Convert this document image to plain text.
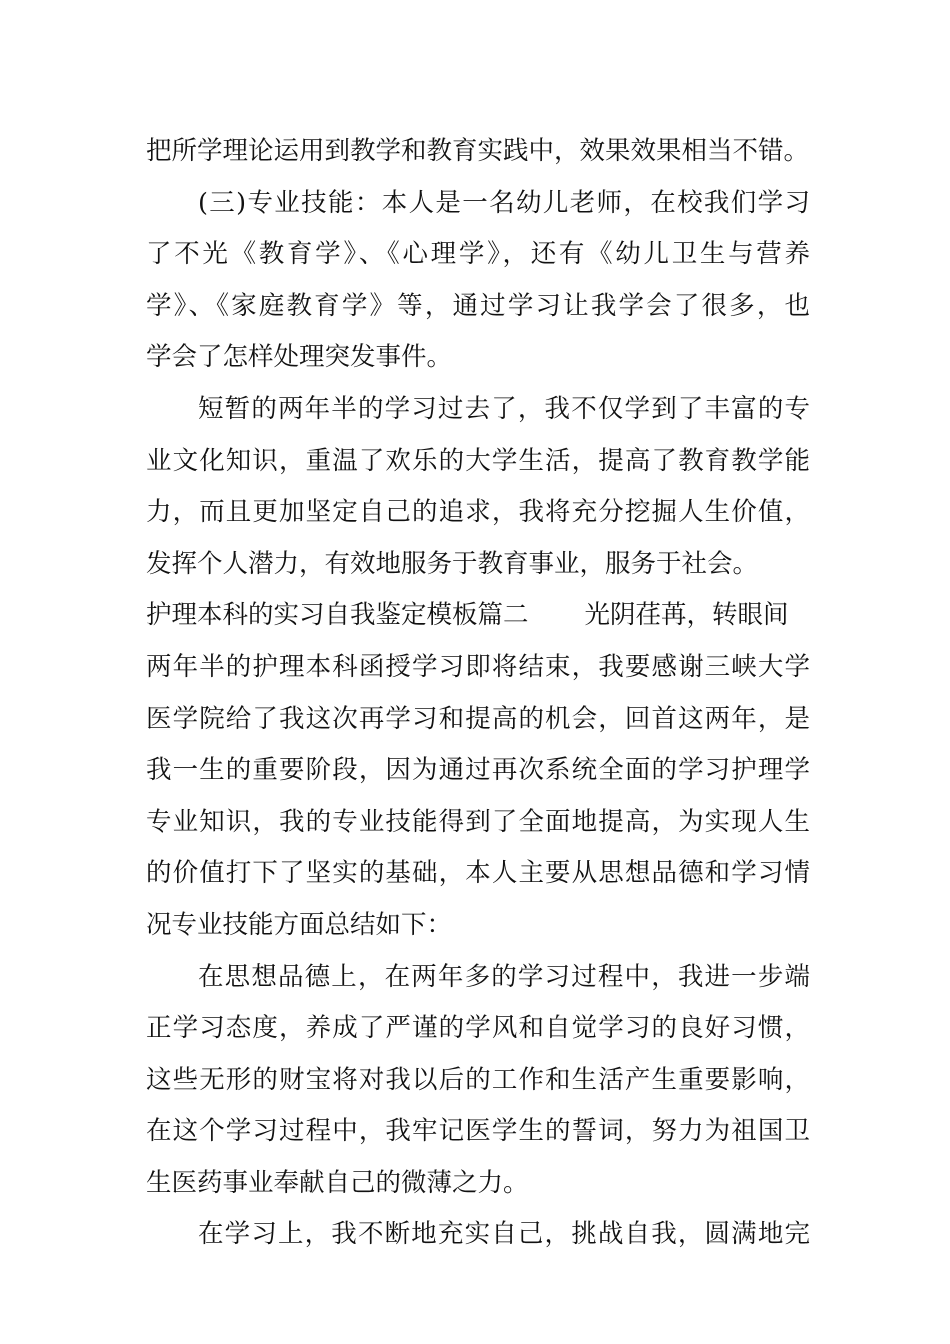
把所学理论运用到教学和教育实践中，效果效果相当不错。
(三)专业技能：本人是一名幼儿老师，在校我们学习
了不光《教育学》、《心理学》，还有《幼儿卫生与营养
学》、《家庭教育学》等，通过学习让我学会了很多，也
学会了怎样处理突发事件。
短暂的两年半的学习过去了，我不仅学到了丰富的专
业文化知识，重温了欢乐的大学生活，提高了教育教学能
力，而且更加坚定自己的追求，我将充分挖掘人生价值，
发挥个人潜力，有效地服务于教育事业，服务于社会。
护理本科的实习自我鉴定模板篇二 光阴荏苒，转眼间
两年半的护理本科函授学习即将结束，我要感谢三峡大学
医学院给了我这次再学习和提高的机会，回首这两年，是
我一生的重要阶段，因为通过再次系统全面的学习护理学
专业知识，我的专业技能得到了全面地提高，为实现人生
的价值打下了坚实的基础，本人主要从思想品德和学习情
况专业技能方面总结如下：
在思想品德上，在两年多的学习过程中，我进一步端
正学习态度，养成了严谨的学风和自觉学习的良好习惯，
这些无形的财宝将对我以后的工作和生活产生重要影响，
在这个学习过程中，我牢记医学生的誓词，努力为祖国卫
生医药事业奉献自己的微薄之力。
在学习上，我不断地充实自己，挑战自我，圆满地完
